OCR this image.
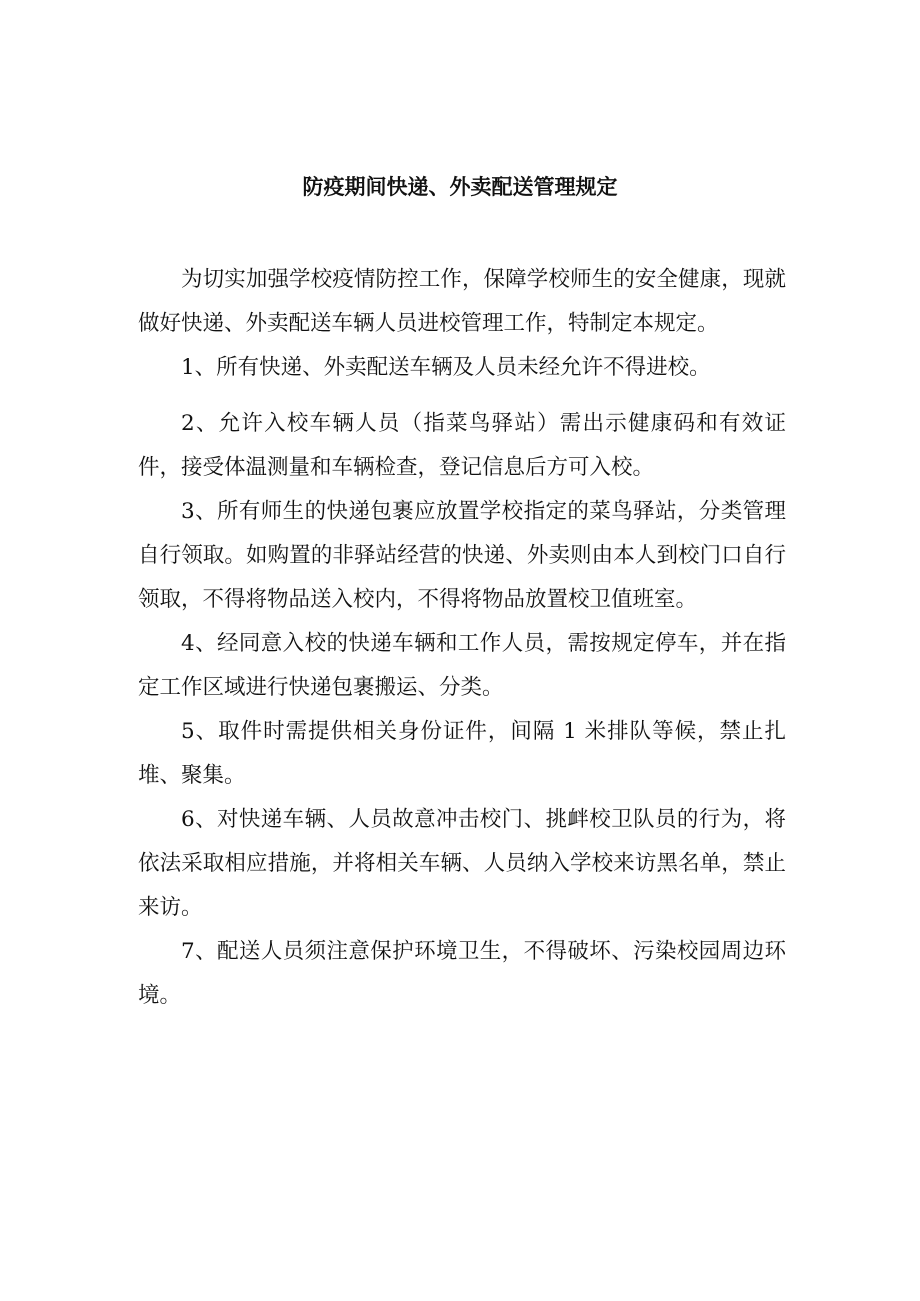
防疫期间快递、外卖配送管理规定

为切实加强学校疫情防控工作，保障学校师生的安全健康，现就做好快递、外卖配送车辆人员进校管理工作，特制定本规定。

1、所有快递、外卖配送车辆及人员未经允许不得进校。

2、允许入校车辆人员（指菜鸟驿站）需出示健康码和有效证件，接受体温测量和车辆检查，登记信息后方可入校。

3、所有师生的快递包裹应放置学校指定的菜鸟驿站，分类管理自行领取。如购置的非驿站经营的快递、外卖则由本人到校门口自行领取，不得将物品送入校内，不得将物品放置校卫值班室。

4、经同意入校的快递车辆和工作人员，需按规定停车，并在指定工作区域进行快递包裹搬运、分类。

5、取件时需提供相关身份证件，间隔 1 米排队等候，禁止扎堆、聚集。

6、对快递车辆、人员故意冲击校门、挑衅校卫队员的行为，将依法采取相应措施，并将相关车辆、人员纳入学校来访黑名单，禁止来访。

7、配送人员须注意保护环境卫生，不得破坏、污染校园周边环境。
